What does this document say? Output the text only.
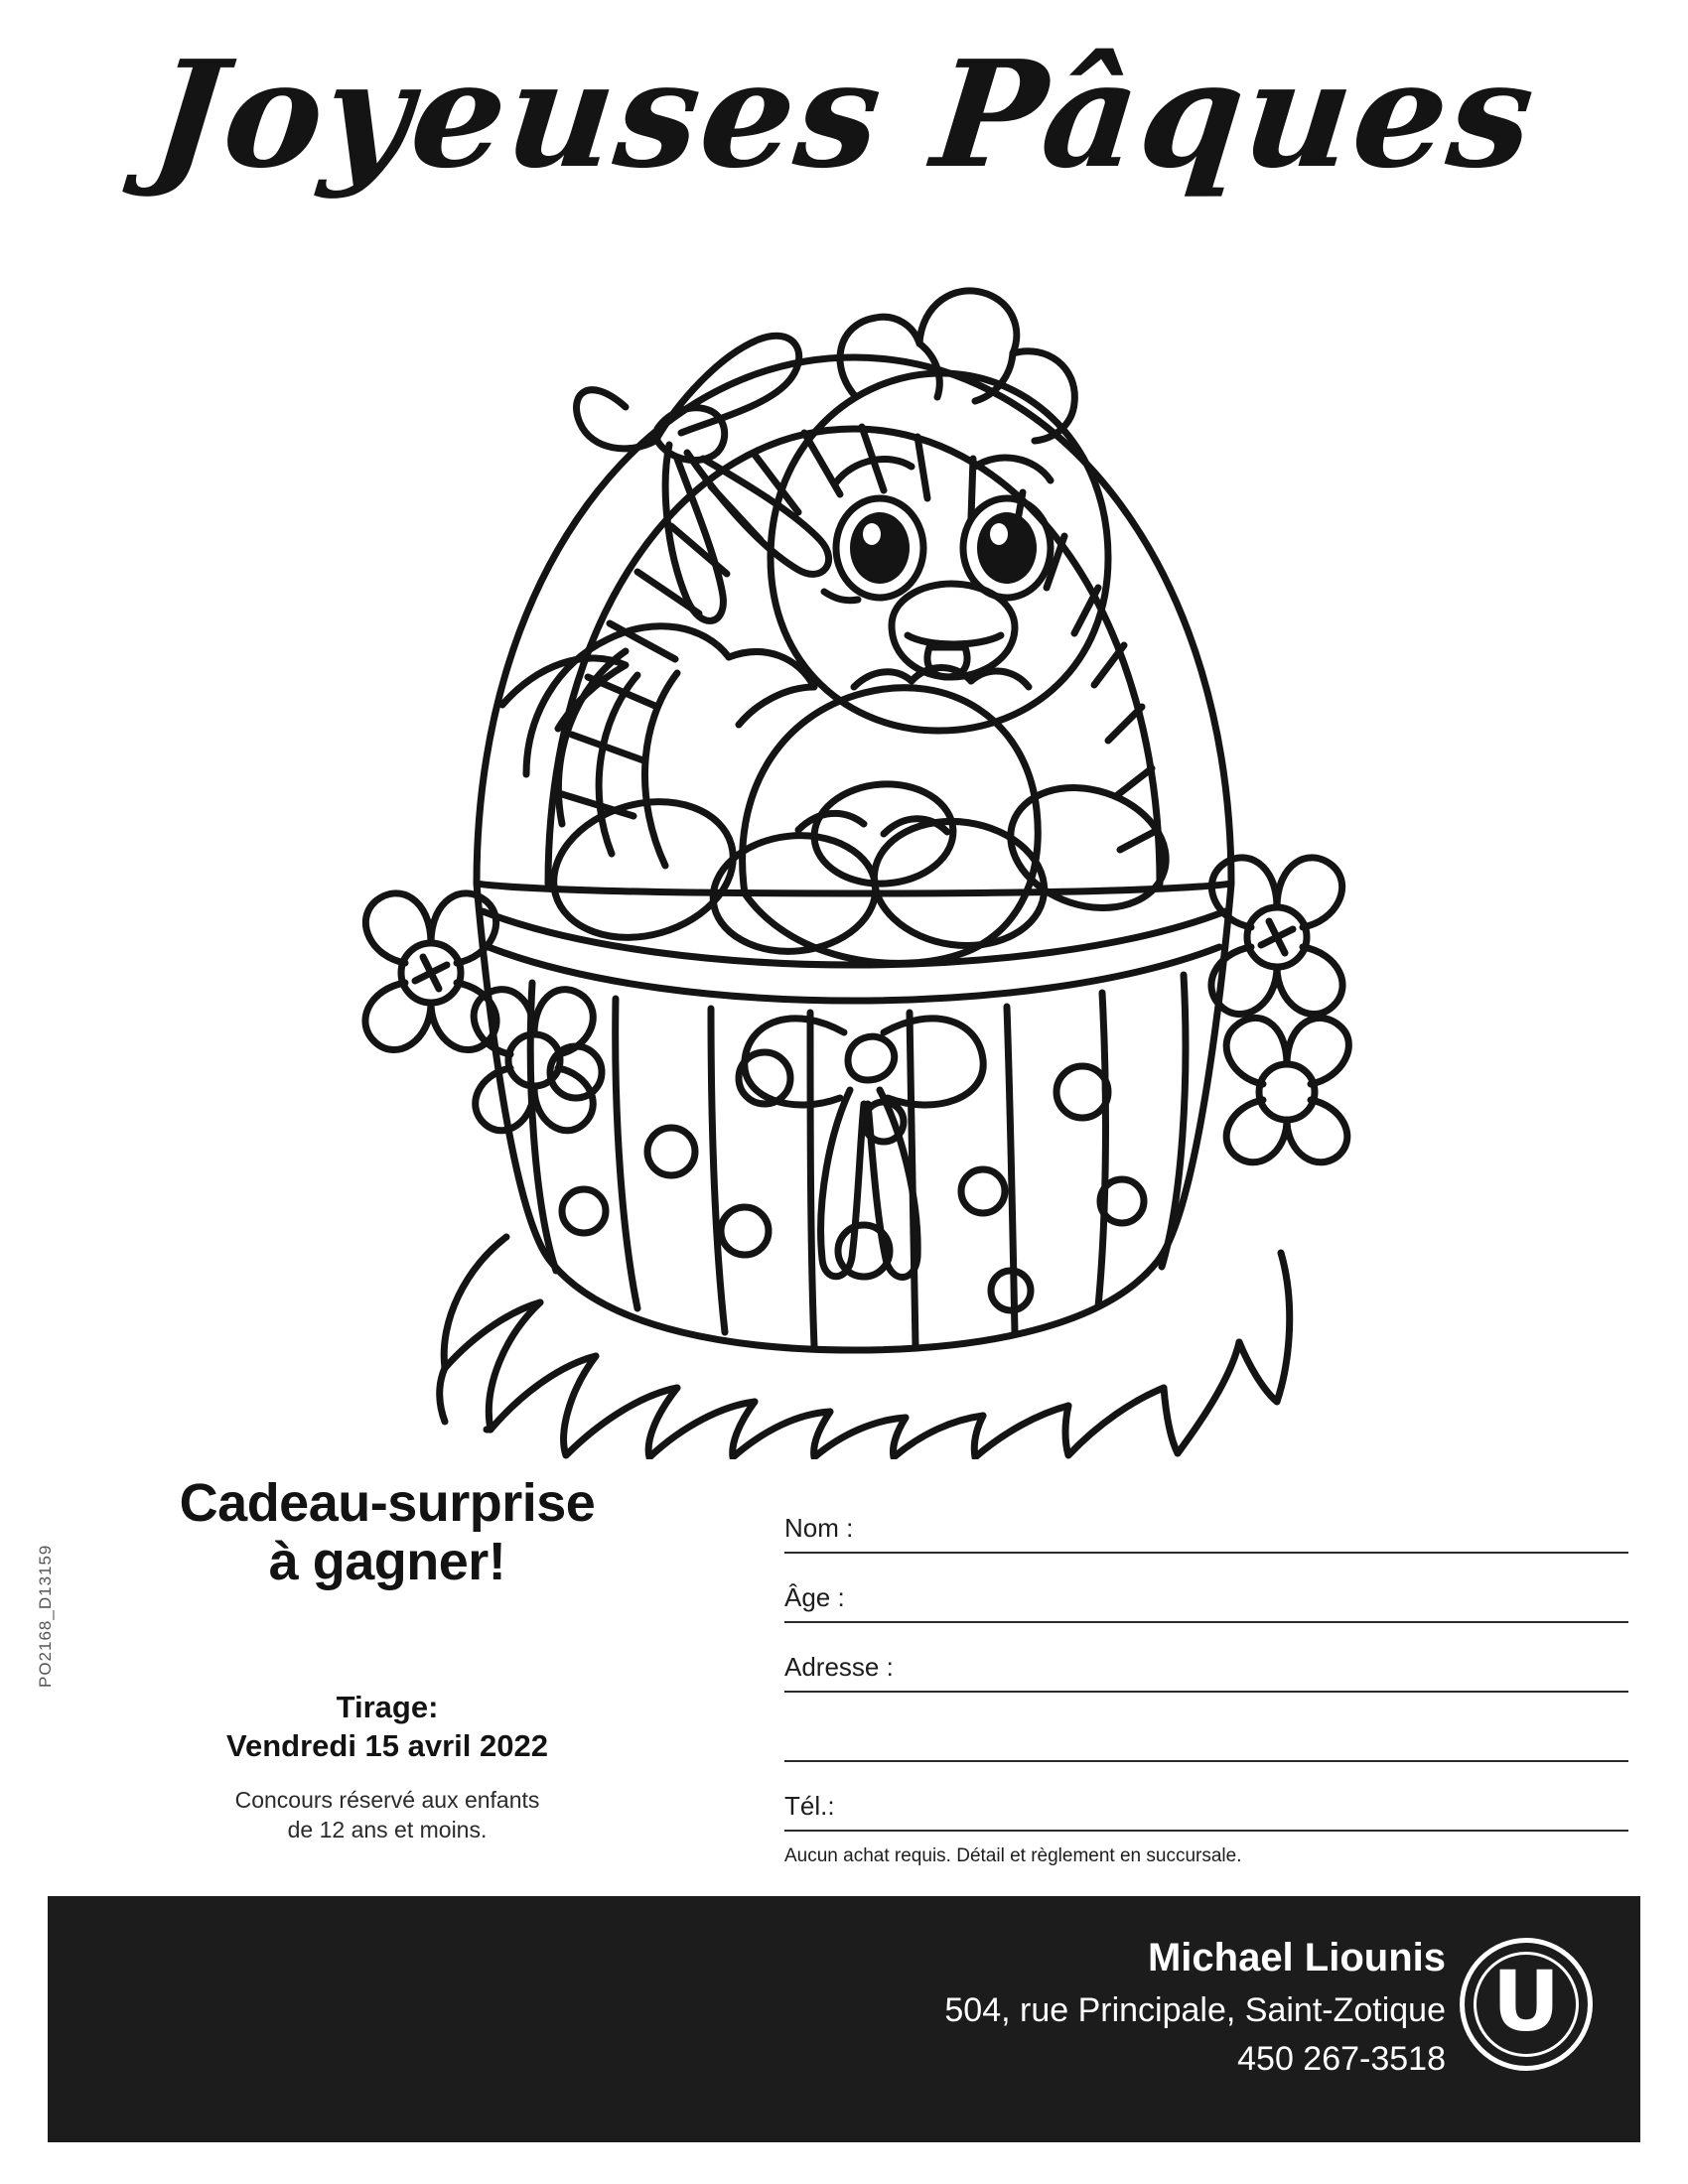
Joyeuses Pâques
Cadeau-surprise
à gagner!
Tirage:
Vendredi 15 avril 2022
Concours réservé aux enfants
de 12 ans et moins.
PO2168_D13159
Nom :
Âge :
Adresse :
Tél.:
Aucun achat requis. Détail et règlement en succursale.
Michael Liounis
504, rue Principale, Saint-Zotique
450 267-3518
U
